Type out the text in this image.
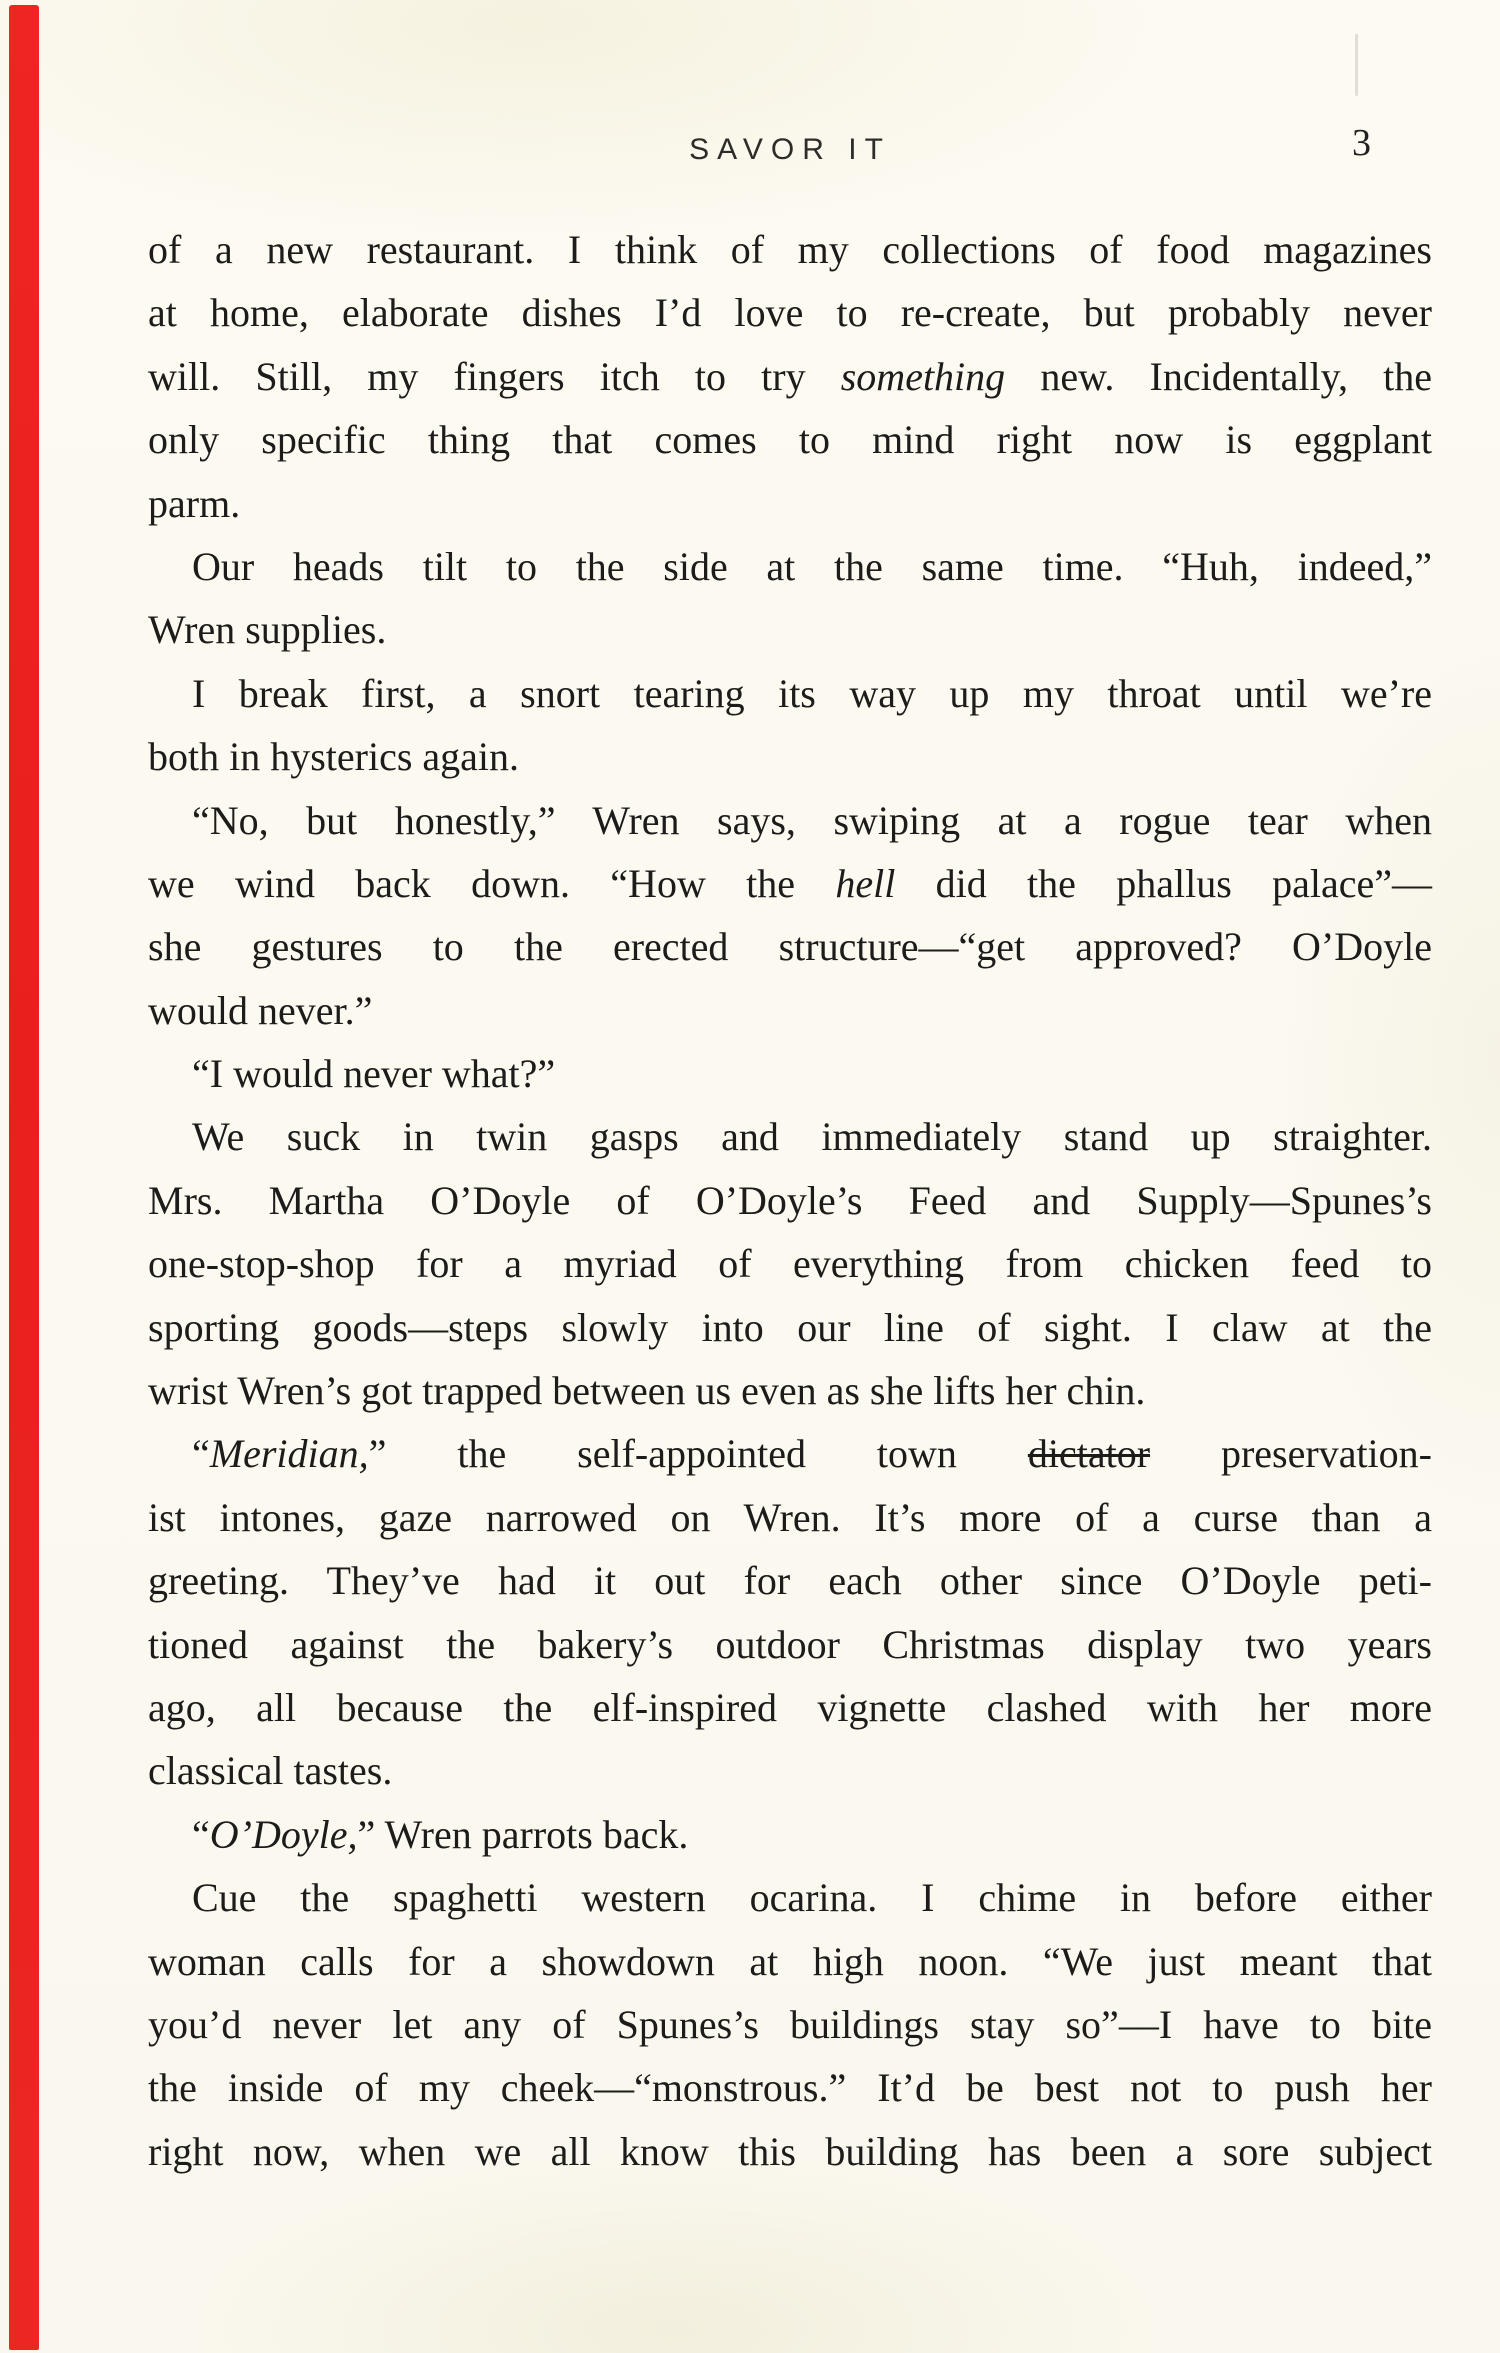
SAVOR IT	3
of a new restaurant. I think of my collections of food magazines
at home, elaborate dishes I’d love to re-create, but probably never
will. Still, my fingers itch to try something new. Incidentally, the
only specific thing that comes to mind right now is eggplant
parm.
Our heads tilt to the side at the same time. “Huh, indeed,”
Wren supplies.
I break first, a snort tearing its way up my throat until we’re
both in hysterics again.
“No, but honestly,” Wren says, swiping at a rogue tear when
we wind back down. “How the hell did the phallus palace”—
she gestures to the erected structure—“get approved? O’Doyle
would never.”
“I would never what?”
We suck in twin gasps and immediately stand up straighter.
Mrs. Martha O’Doyle of O’Doyle’s Feed and Supply—Spunes’s
one-stop-shop for a myriad of everything from chicken feed to
sporting goods—steps slowly into our line of sight. I claw at the
wrist Wren’s got trapped between us even as she lifts her chin.
“Meridian,” the self-appointed town dictator preservation-
ist intones, gaze narrowed on Wren. It’s more of a curse than a
greeting. They’ve had it out for each other since O’Doyle peti-
tioned against the bakery’s outdoor Christmas display two years
ago, all because the elf-inspired vignette clashed with her more
classical tastes.
“O’Doyle,” Wren parrots back.
Cue the spaghetti western ocarina. I chime in before either
woman calls for a showdown at high noon. “We just meant that
you’d never let any of Spunes’s buildings stay so”—I have to bite
the inside of my cheek—“monstrous.” It’d be best not to push her
right now, when we all know this building has been a sore subject
